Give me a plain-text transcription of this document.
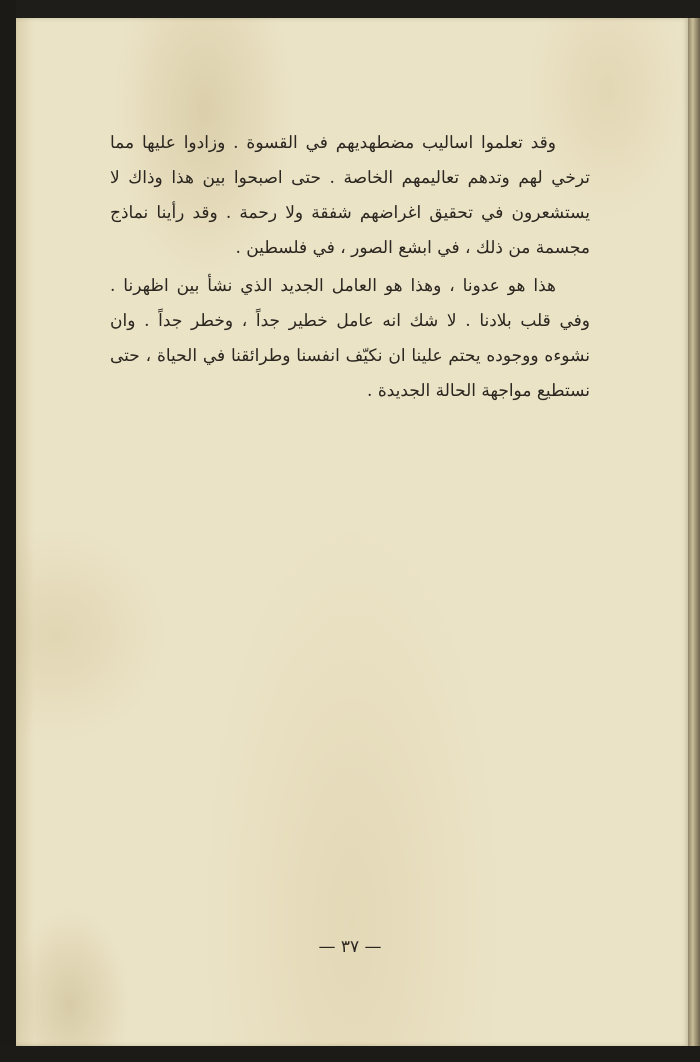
وقد تعلموا اساليب مضطهديهم في القسوة . وزادوا عليها مما ترخي لهم وتدهم تعاليمهم الخاصة . حتى اصبحوا بين هذا وذاك لا يستشعرون في تحقيق اغراضهم شفقة ولا رحمة . وقد رأينا نماذج مجسمة من ذلك ، في ابشع الصور ، في فلسطين .

هذا هو عدونا ، وهذا هو العامل الجديد الذي نشأ بين اظهرنا . وفي قلب بلادنا . لا شك انه عامل خطير جداً ، وخطر جداً . وان نشوءه ووجوده يحتم علينا ان نكيّف انفسنا وطرائقنا في الحياة ، حتى نستطيع مواجهة الحالة الجديدة .

— ٣٧ —
